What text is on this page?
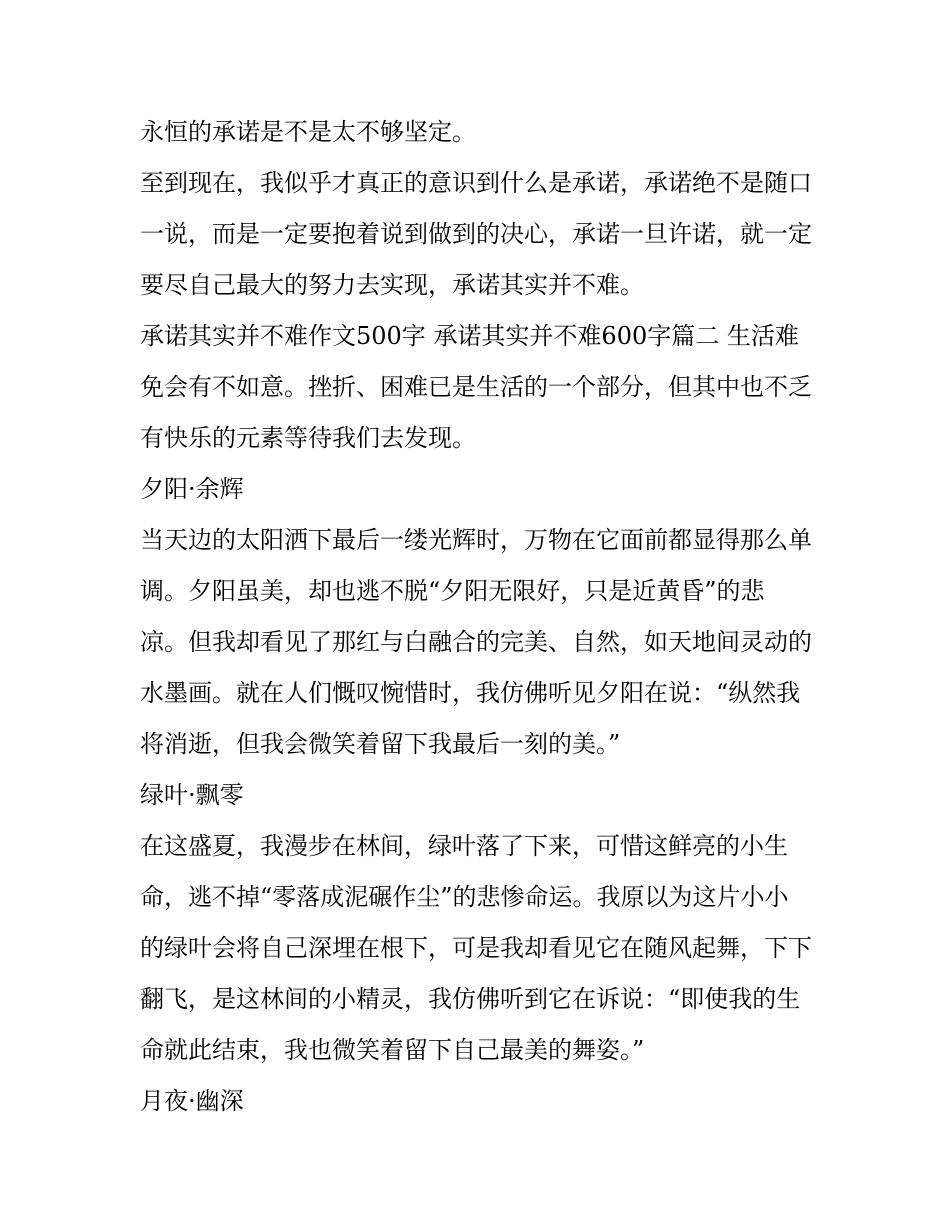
永恒的承诺是不是太不够坚定。

至到现在，我似乎才真正的意识到什么是承诺，承诺绝不是随口一说，而是一定要抱着说到做到的决心，承诺一旦许诺，就一定要尽自己最大的努力去实现，承诺其实并不难。

承诺其实并不难作文500字 承诺其实并不难600字篇二 生活难免会有不如意。挫折、困难已是生活的一个部分，但其中也不乏有快乐的元素等待我们去发现。

夕阳·余辉

当天边的太阳洒下最后一缕光辉时，万物在它面前都显得那么单调。夕阳虽美，却也逃不脱“夕阳无限好，只是近黄昏”的悲凉。但我却看见了那红与白融合的完美、自然，如天地间灵动的水墨画。就在人们慨叹惋惜时，我仿佛听见夕阳在说：“纵然我将消逝，但我会微笑着留下我最后一刻的美。”

绿叶·飘零

在这盛夏，我漫步在林间，绿叶落了下来，可惜这鲜亮的小生命，逃不掉“零落成泥碾作尘”的悲惨命运。我原以为这片小小的绿叶会将自己深埋在根下，可是我却看见它在随风起舞，下下翻飞，是这林间的小精灵，我仿佛听到它在诉说：“即使我的生命就此结束，我也微笑着留下自己最美的舞姿。”

月夜·幽深
